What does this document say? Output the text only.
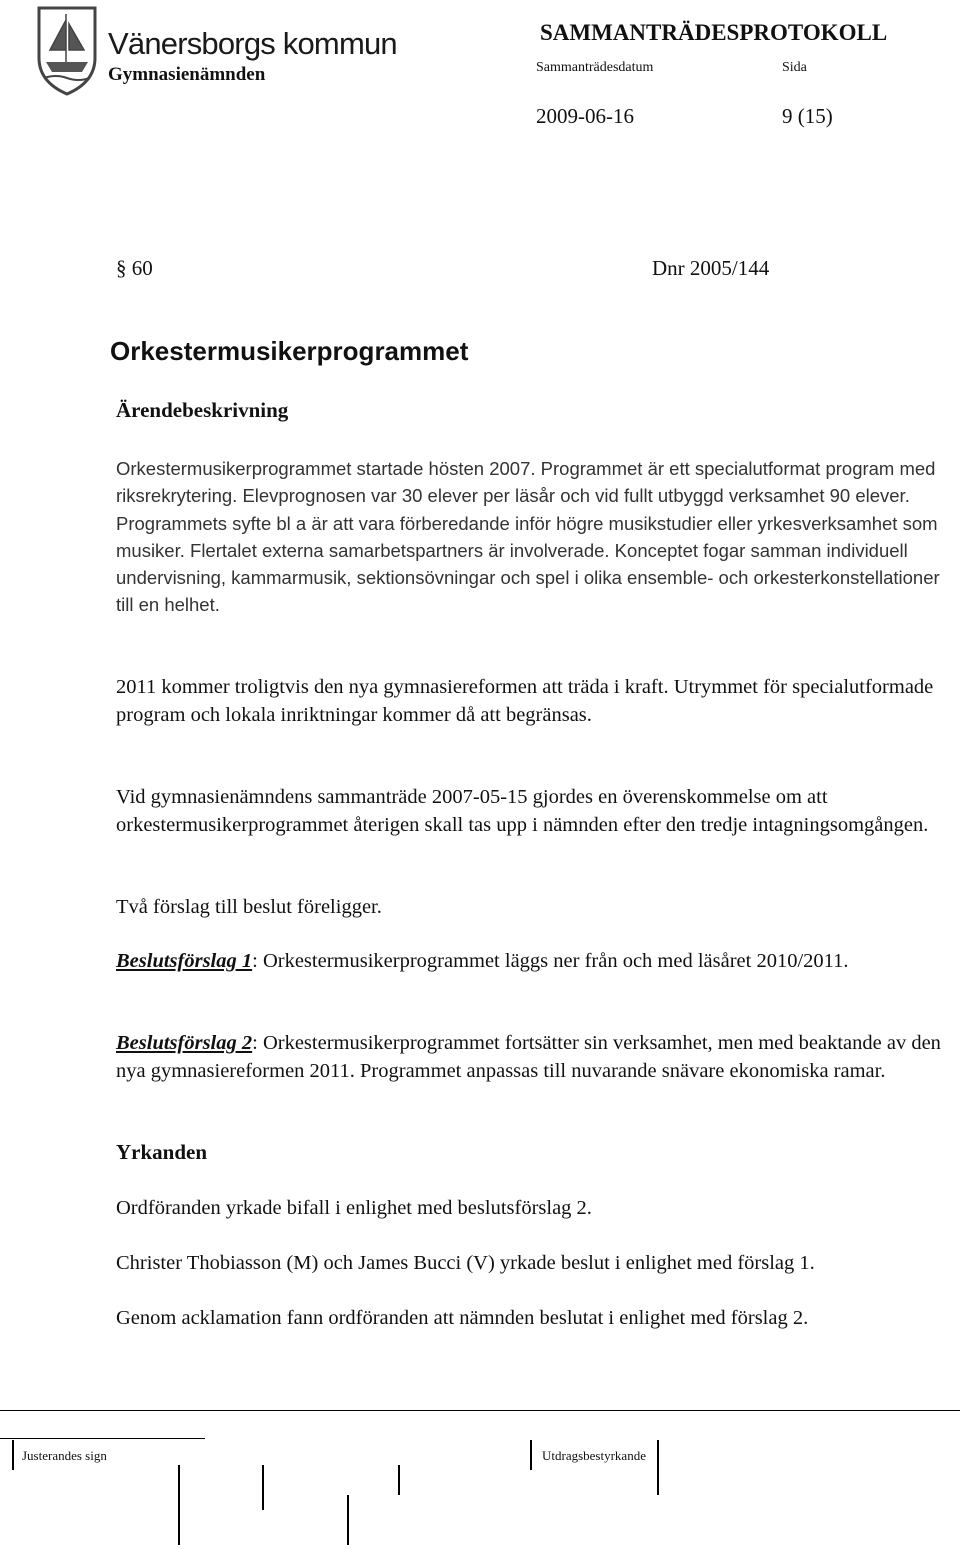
Vänersborgs kommun
Gymnasienämnden
SAMMANTRÄDESPROTOKOLL
Sammanträdesdatum	Sida
2009-06-16	9 (15)
§ 60	Dnr 2005/144
Orkestermusikerprogrammet
Ärendebeskrivning

Orkestermusikerprogrammet startade hösten 2007. Programmet är ett specialutformat program med riksrekrytering. Elevprognosen var 30 elever per läsår och vid fullt utbyggd verksamhet 90 elever. Programmets syfte bl a är att vara förberedande inför högre musikstudier eller yrkesverksamhet som musiker. Flertalet externa samarbetspartners är involverade. Konceptet fogar samman individuell undervisning, kammarmusik, sektionsövningar och spel i olika ensemble- och orkesterkonstellationer till en helhet.

2011 kommer troligtvis den nya gymnasiereformen att träda i kraft. Utrymmet för specialutformade program och lokala inriktningar kommer då att begränsas.

Vid gymnasienämndens sammanträde 2007-05-15 gjordes en överenskommelse om att orkestermusikerprogrammet återigen skall tas upp i nämnden efter den tredje intagningsomgången.

Två förslag till beslut föreligger.

Beslutsförslag 1: Orkestermusikerprogrammet läggs ner från och med läsåret 2010/2011.

Beslutsförslag 2: Orkestermusikerprogrammet fortsätter sin verksamhet, men med beaktande av den nya gymnasiereformen 2011. Programmet anpassas till nuvarande snävare ekonomiska ramar.

Yrkanden

Ordföranden yrkade bifall i enlighet med beslutsförslag 2.

Christer Thobiasson (M) och James Bucci (V) yrkade beslut i enlighet med förslag 1.

Genom acklamation fann ordföranden att nämnden beslutat i enlighet med förslag 2.

Justerandes sign	Utdragsbestyrkande
